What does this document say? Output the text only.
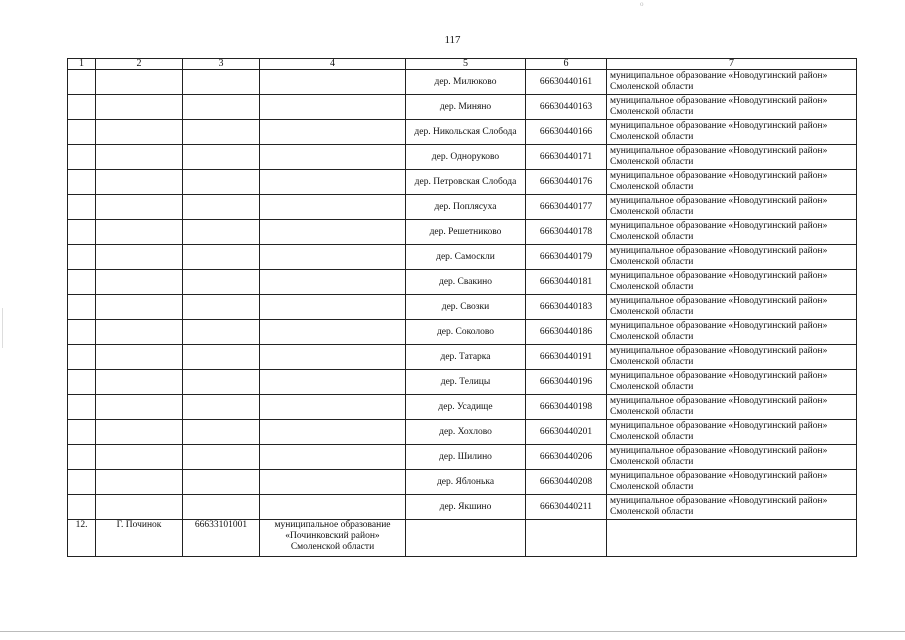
o
117
1	2	3	4	5	6	7
				дер. Милюково	66630440161	муниципальное образование «Новодугинский район» Смоленской области
				дер. Миняно	66630440163	муниципальное образование «Новодугинский район» Смоленской области
				дер. Никольская Слобода	66630440166	муниципальное образование «Новодугинский район» Смоленской области
				дер. Одноруково	66630440171	муниципальное образование «Новодугинский район» Смоленской области
				дер. Петровская Слобода	66630440176	муниципальное образование «Новодугинский район» Смоленской области
				дер. Поплясуха	66630440177	муниципальное образование «Новодугинский район» Смоленской области
				дер. Решетниково	66630440178	муниципальное образование «Новодугинский район» Смоленской области
				дер. Самоскли	66630440179	муниципальное образование «Новодугинский район» Смоленской области
				дер. Свакино	66630440181	муниципальное образование «Новодугинский район» Смоленской области
				дер. Свозки	66630440183	муниципальное образование «Новодугинский район» Смоленской области
				дер. Соколово	66630440186	муниципальное образование «Новодугинский район» Смоленской области
				дер. Татарка	66630440191	муниципальное образование «Новодугинский район» Смоленской области
				дер. Телицы	66630440196	муниципальное образование «Новодугинский район» Смоленской области
				дер. Усадище	66630440198	муниципальное образование «Новодугинский район» Смоленской области
				дер. Хохлово	66630440201	муниципальное образование «Новодугинский район» Смоленской области
				дер. Шилино	66630440206	муниципальное образование «Новодугинский район» Смоленской области
				дер. Яблонька	66630440208	муниципальное образование «Новодугинский район» Смоленской области
				дер. Якшино	66630440211	муниципальное образование «Новодугинский район» Смоленской области
12.	Г. Починок	66633101001	муниципальное образование «Починковский район» Смоленской области			
